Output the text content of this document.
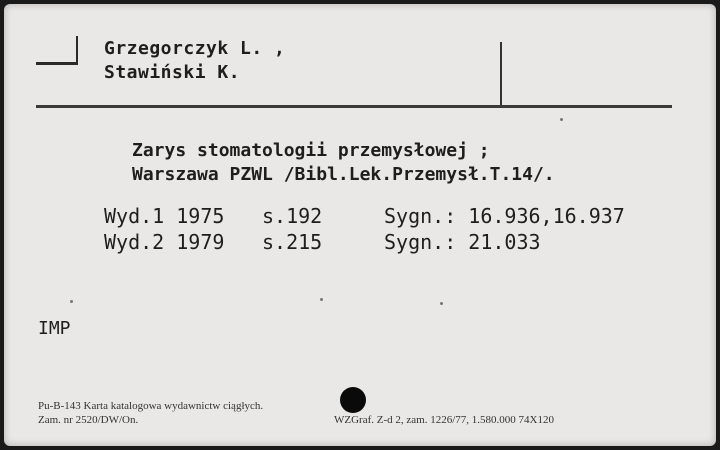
Grzegorczyk L. ,
Stawiński K.
Zarys stomatologii przemysłowej ;
Warszawa PZWL /Bibl.Lek.Przemysł.T.14/.
Wyd.1 1975 s.192	Sygn.: 16.936,16.937
Wyd.2 1979 s.215	Sygn.: 21.033
IMP
Pu-B-143 Karta katalogowa wydawnictw ciągłych.
Zam. nr 2520/DW/On.	WZGraf. Z-d 2, zam. 1226/77, 1.580.000 74X120
